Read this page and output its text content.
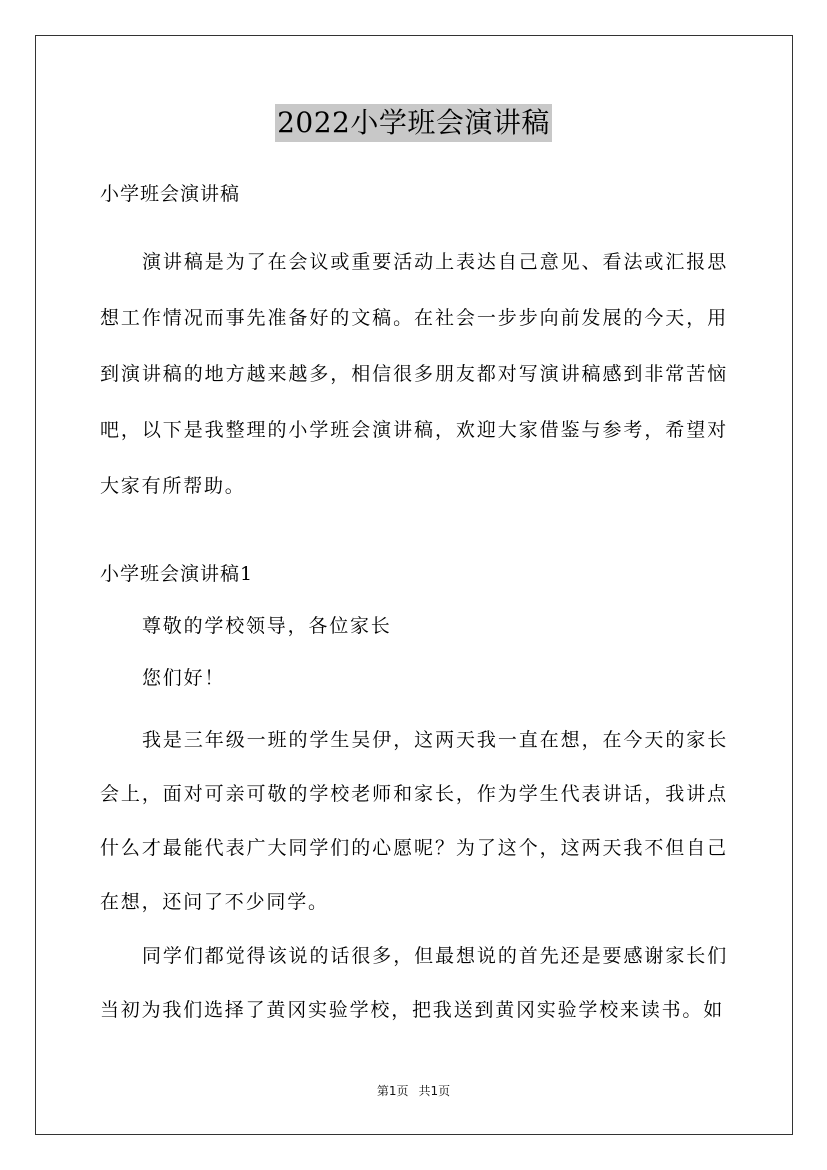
2022小学班会演讲稿
小学班会演讲稿

演讲稿是为了在会议或重要活动上表达自己意见、看法或汇报思想工作情况而事先准备好的文稿。在社会一步步向前发展的今天，用到演讲稿的地方越来越多，相信很多朋友都对写演讲稿感到非常苦恼吧，以下是我整理的小学班会演讲稿，欢迎大家借鉴与参考，希望对大家有所帮助。

小学班会演讲稿1

尊敬的学校领导，各位家长

您们好！

我是三年级一班的学生吴伊，这两天我一直在想，在今天的家长会上，面对可亲可敬的学校老师和家长，作为学生代表讲话，我讲点什么才最能代表广大同学们的心愿呢？为了这个，这两天我不但自己在想，还问了不少同学。

同学们都觉得该说的话很多，但最想说的首先还是要感谢家长们当初为我们选择了黄冈实验学校，把我送到黄冈实验学校来读书。如

第1页 共1页
